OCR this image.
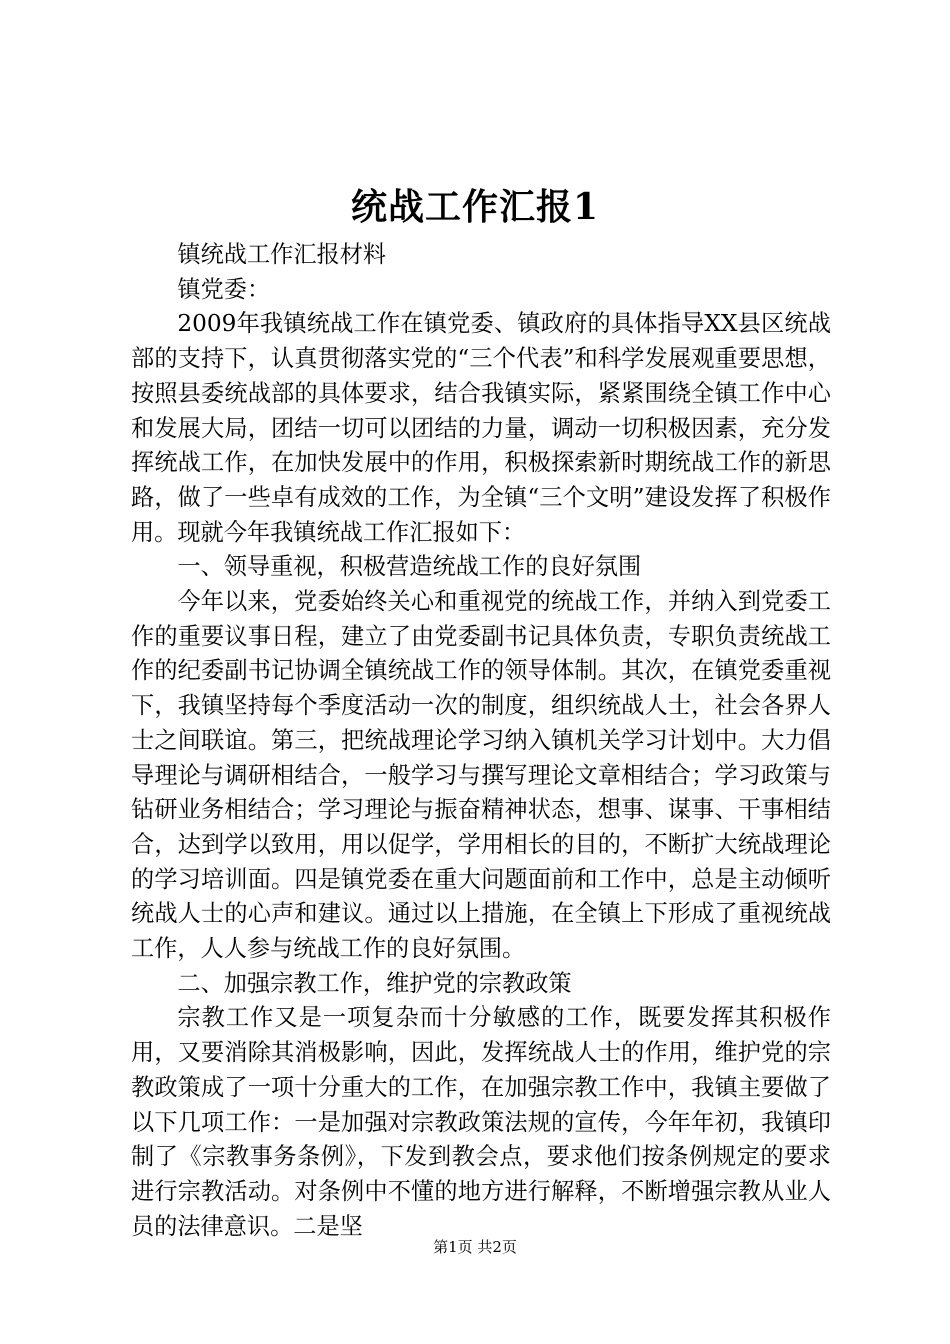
统战工作汇报1

镇统战工作汇报材料

镇党委：

2009年我镇统战工作在镇党委、镇政府的具体指导XX县区统战部的支持下，认真贯彻落实党的“三个代表”和科学发展观重要思想，按照县委统战部的具体要求，结合我镇实际，紧紧围绕全镇工作中心和发展大局，团结一切可以团结的力量，调动一切积极因素，充分发挥统战工作，在加快发展中的作用，积极探索新时期统战工作的新思路，做了一些卓有成效的工作，为全镇“三个文明”建设发挥了积极作用。现就今年我镇统战工作汇报如下：

一、领导重视，积极营造统战工作的良好氛围

今年以来，党委始终关心和重视党的统战工作，并纳入到党委工作的重要议事日程，建立了由党委副书记具体负责，专职负责统战工作的纪委副书记协调全镇统战工作的领导体制。其次，在镇党委重视下，我镇坚持每个季度活动一次的制度，组织统战人士，社会各界人士之间联谊。第三，把统战理论学习纳入镇机关学习计划中。大力倡导理论与调研相结合，一般学习与撰写理论文章相结合；学习政策与钻研业务相结合；学习理论与振奋精神状态，想事、谋事、干事相结合，达到学以致用，用以促学，学用相长的目的，不断扩大统战理论的学习培训面。四是镇党委在重大问题面前和工作中，总是主动倾听统战人士的心声和建议。通过以上措施，在全镇上下形成了重视统战工作，人人参与统战工作的良好氛围。

二、加强宗教工作，维护党的宗教政策

宗教工作又是一项复杂而十分敏感的工作，既要发挥其积极作用，又要消除其消极影响，因此，发挥统战人士的作用，维护党的宗教政策成了一项十分重大的工作，在加强宗教工作中，我镇主要做了以下几项工作：一是加强对宗教政策法规的宣传，今年年初，我镇印制了《宗教事务条例》，下发到教会点，要求他们按条例规定的要求进行宗教活动。对条例中不懂的地方进行解释，不断增强宗教从业人员的法律意识。二是坚

第1页 共2页
